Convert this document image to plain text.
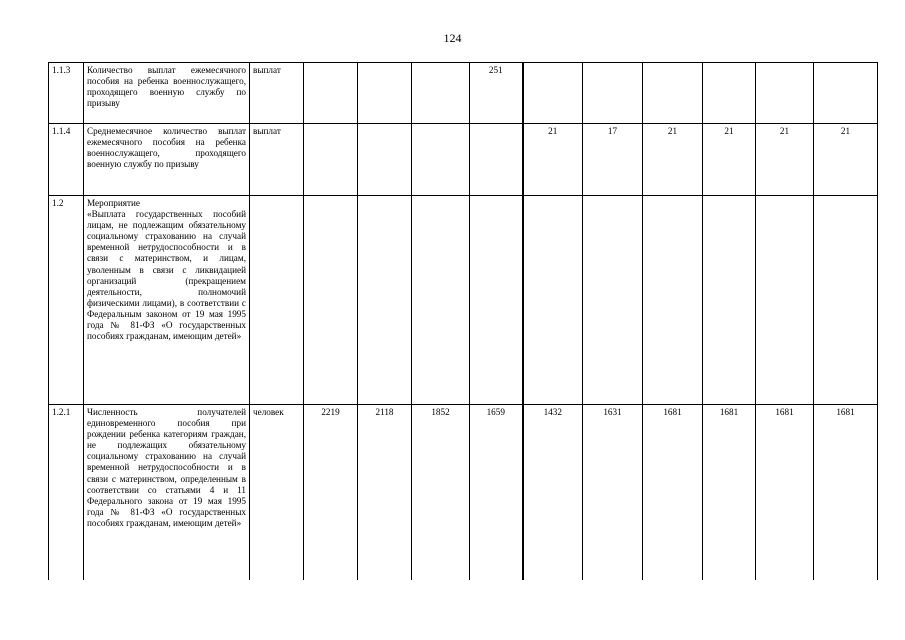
124
1.1.3	Количество выплат ежемесячного пособия на ребенка военнослужащего, проходящего военную службу по призыву	выплат				251						
1.1.4	Среднемесячное количество выплат ежемесячного пособия на ребенка военнослужащего, проходящего военную службу по призыву	выплат					21	17	21	21	21	21
1.2	Мероприятие
«Выплата государственных пособий лицам, не подлежащим обязательному социальному страхованию на случай временной нетрудоспособности и в связи с материнством, и лицам, уволенным в связи с ликвидацией организаций (прекращением деятельности, полномочий физическими лицами), в соответствии с Федеральным законом от 19 мая 1995 года № 81-ФЗ «О государственных пособиях гражданам, имеющим детей»											

1.2.1	Численность получателей единовременного пособия при рождении ребенка категориям граждан, не подлежащих обязательному социальному страхованию на случай временной нетрудоспособности и в связи с материнством, определенным в соответствии со статьями 4 и 11 Федерального закона от 19 мая 1995 года № 81-ФЗ «О государственных пособиях гражданам, имеющим детей»	человек	2219	2118	1852	1659	1432	1631	1681	1681	1681	1681
